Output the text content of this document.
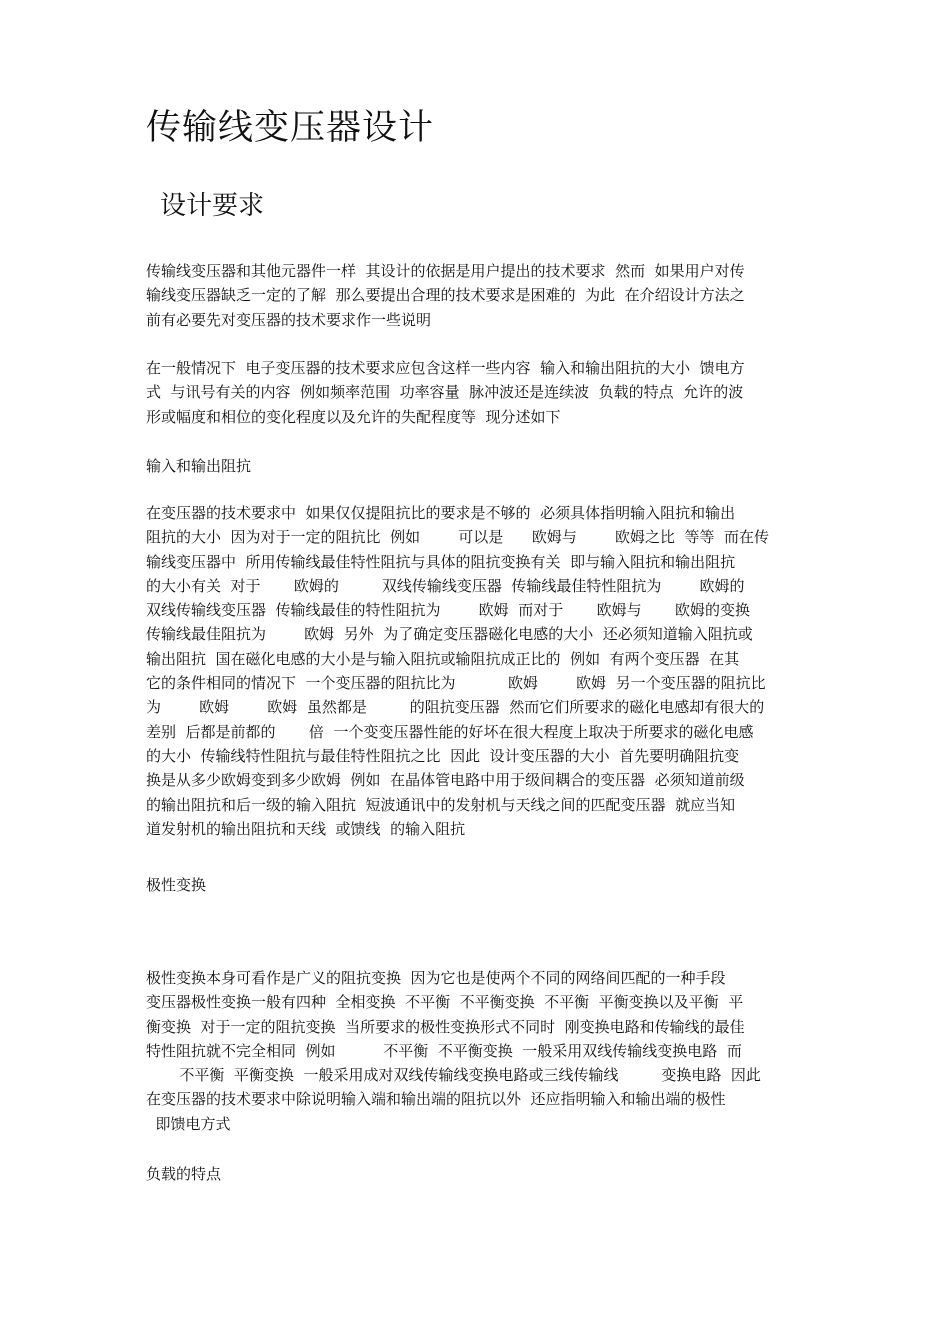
传输线变压器设计
设计要求
传输线变压器和其他元器件一样  其设计的依据是用户提出的技术要求  然而  如果用户对传
输线变压器缺乏一定的了解  那么要提出合理的技术要求是困难的  为此  在介绍设计方法之
前有必要先对变压器的技术要求作一些说明
在一般情况下  电子变压器的技术要求应包含这样一些内容  输入和输出阻抗的大小  馈电方
式  与讯号有关的内容  例如频率范围  功率容量  脉冲波还是连续波  负载的特点  允许的波
形或幅度和相位的变化程度以及允许的失配程度等  现分述如下
输入和输出阻抗
在变压器的技术要求中  如果仅仅提阻抗比的要求是不够的  必须具体指明输入阻抗和输出
阻抗的大小  因为对于一定的阻抗比  例如        可以是      欧姆与        欧姆之比  等等  而在传
输线变压器中  所用传输线最佳特性阻抗与具体的阻抗变换有关  即与输入阻抗和输出阻抗
的大小有关  对于       欧姆的         双线传输线变压器  传输线最佳特性阻抗为        欧姆的
双线传输线变压器  传输线最佳的特性阻抗为        欧姆  而对于       欧姆与       欧姆的变换
传输线最佳阻抗为        欧姆  另外  为了确定变压器磁化电感的大小  还必须知道输入阻抗或
输出阻抗  国在磁化电感的大小是与输入阻抗或输阻抗成正比的  例如  有两个变压器  在其
它的条件相同的情况下  一个变压器的阻抗比为           欧姆        欧姆  另一个变压器的阻抗比
为        欧姆        欧姆  虽然都是         的阻抗变压器  然而它们所要求的磁化电感却有很大的
差别  后都是前都的       倍  一个变变压器性能的好坏在很大程度上取决于所要求的磁化电感
的大小  传输线特性阻抗与最佳特性阻抗之比  因此  设计变压器的大小  首先要明确阻抗变
换是从多少欧姆变到多少欧姆  例如  在晶体管电路中用于级间耦合的变压器  必须知道前级
的输出阻抗和后一级的输入阻抗  短波通讯中的发射机与天线之间的匹配变压器  就应当知
道发射机的输出阻抗和天线  或馈线  的输入阻抗
极性变换
极性变换本身可看作是广义的阻抗变换  因为它也是使两个不同的网络间匹配的一种手段
变压器极性变换一般有四种  全相变换  不平衡  不平衡变换  不平衡  平衡变换以及平衡  平
衡变换  对于一定的阻抗变换  当所要求的极性变换形式不同时  刚变换电路和传输线的最佳
特性阻抗就不完全相同  例如          不平衡  不平衡变换  一般采用双线传输线变换电路  而
不平衡  平衡变换  一般采用成对双线传输线变换电路或三线传输线         变换电路  因此
在变压器的技术要求中除说明输入端和输出端的阻抗以外  还应指明输入和输出端的极性
即馈电方式
负载的特点
